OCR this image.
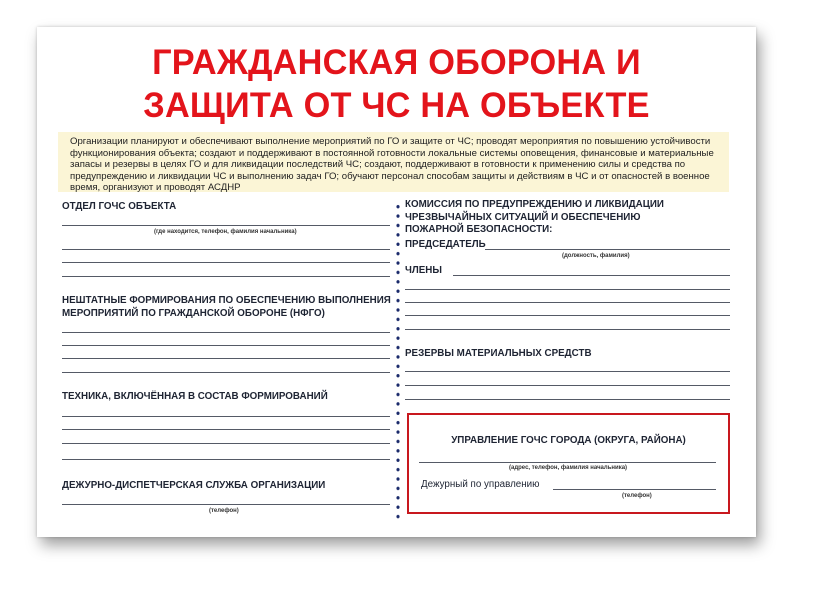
ГРАЖДАНСКАЯ ОБОРОНА И
ЗАЩИТА ОТ ЧС НА ОБЪЕКТЕ
Организации планируют и обеспечивают выполнение мероприятий по ГО и защите от ЧС; проводят мероприятия по повышению устойчивости функционирования объекта; создают и поддерживают в постоянной готовности локальные системы оповещения, финансовые и материальные запасы и резервы в целях ГО и для ликвидации последствий ЧС; создают, поддерживают в готовности к применению силы и средства по предупреждению и ликвидации ЧС и выполнению задач ГО; обучают персонал способам защиты и действиям в ЧС и от опасностей в военное время, организуют и проводят АСДНР
ОТДЕЛ ГОЧС ОБЪЕКТА
(где находится, телефон, фамилия начальника)
НЕШТАТНЫЕ ФОРМИРОВАНИЯ ПО ОБЕСПЕЧЕНИЮ ВЫПОЛНЕНИЯ
МЕРОПРИЯТИЙ ПО ГРАЖДАНСКОЙ ОБОРОНЕ (НФГО)
ТЕХНИКА, ВКЛЮЧЁННАЯ В СОСТАВ ФОРМИРОВАНИЙ
ДЕЖУРНО-ДИСПЕТЧЕРСКАЯ СЛУЖБА ОРГАНИЗАЦИИ
(телефон)
КОМИССИЯ ПО ПРЕДУПРЕЖДЕНИЮ И ЛИКВИДАЦИИ
ЧРЕЗВЫЧАЙНЫХ СИТУАЦИЙ И ОБЕСПЕЧЕНИЮ
ПОЖАРНОЙ БЕЗОПАСНОСТИ:
ПРЕДСЕДАТЕЛЬ
(должность, фамилия)
ЧЛЕНЫ
РЕЗЕРВЫ МАТЕРИАЛЬНЫХ СРЕДСТВ
УПРАВЛЕНИЕ ГОЧС ГОРОДА (ОКРУГА, РАЙОНА)
(адрес, телефон, фамилия начальника)
Дежурный по управлению
(телефон)
